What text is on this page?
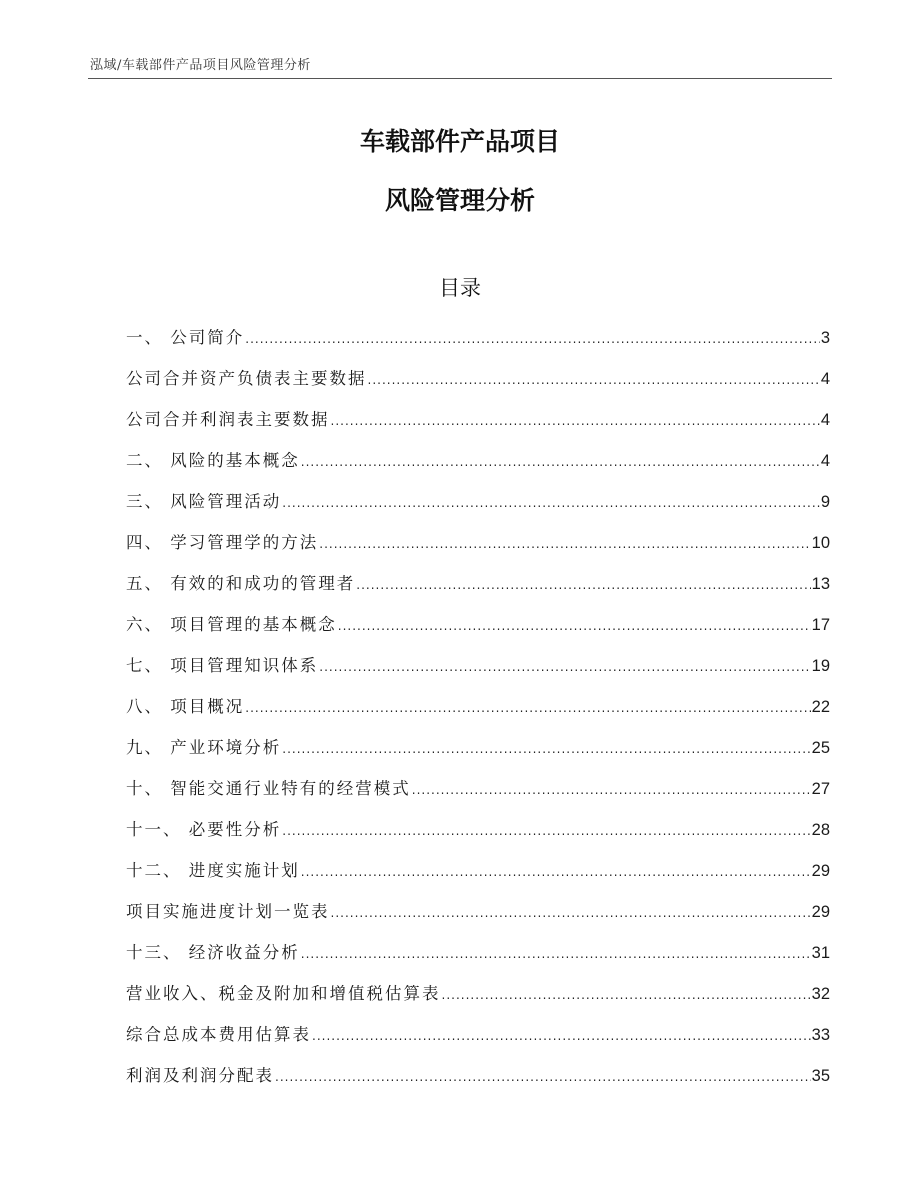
泓域/车载部件产品项目风险管理分析
车载部件产品项目
风险管理分析
目录
一、 公司简介 .....	3
公司合并资产负债表主要数据 .....	4
公司合并利润表主要数据 .....	4
二、 风险的基本概念 .....	4
三、 风险管理活动 .....	9
四、 学习管理学的方法 .....	10
五、 有效的和成功的管理者 .....	13
六、 项目管理的基本概念 .....	17
七、 项目管理知识体系 .....	19
八、 项目概况 .....	22
九、 产业环境分析 .....	25
十、 智能交通行业特有的经营模式 .....	27
十一、 必要性分析 .....	28
十二、 进度实施计划 .....	29
项目实施进度计划一览表 .....	29
十三、 经济收益分析 .....	31
营业收入、税金及附加和增值税估算表 .....	32
综合总成本费用估算表 .....	33
利润及利润分配表 .....	35
